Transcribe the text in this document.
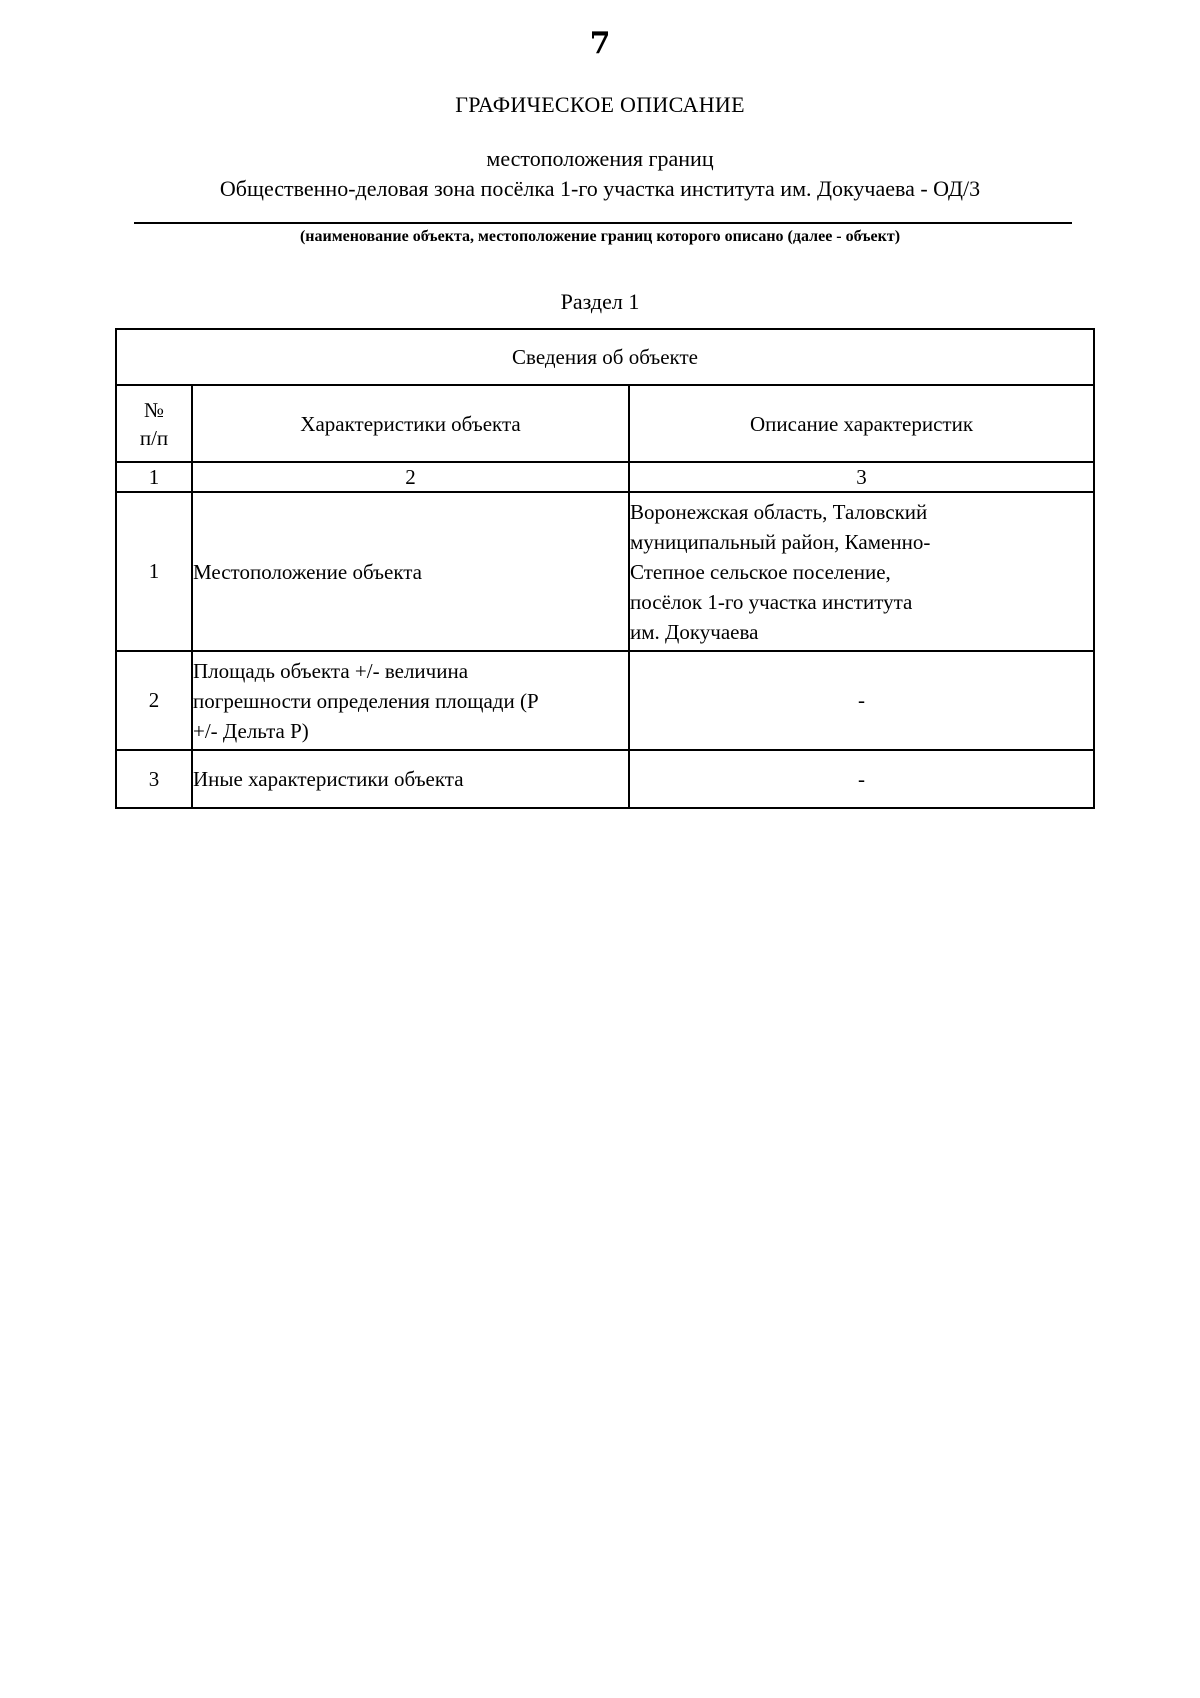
7
ГРАФИЧЕСКОЕ ОПИСАНИЕ
местоположения границ
Общественно-деловая зона посёлка 1-го участка института им. Докучаева - ОД/3
(наименование объекта, местоположение границ которого описано (далее - объект)
Раздел 1
Сведения об объекте		

№
п/п	Характеристики объекта	Описание характеристик
1	2	3
1	Местоположение объекта	Воронежская область, Таловский
муниципальный район, Каменно-
Степное сельское поселение,
посёлок 1-го участка института
им. Докучаева

2	Площадь объекта +/- величина
погрешности определения площади (P
+/- Дельта P)	-
3	Иные характеристики объекта	-
